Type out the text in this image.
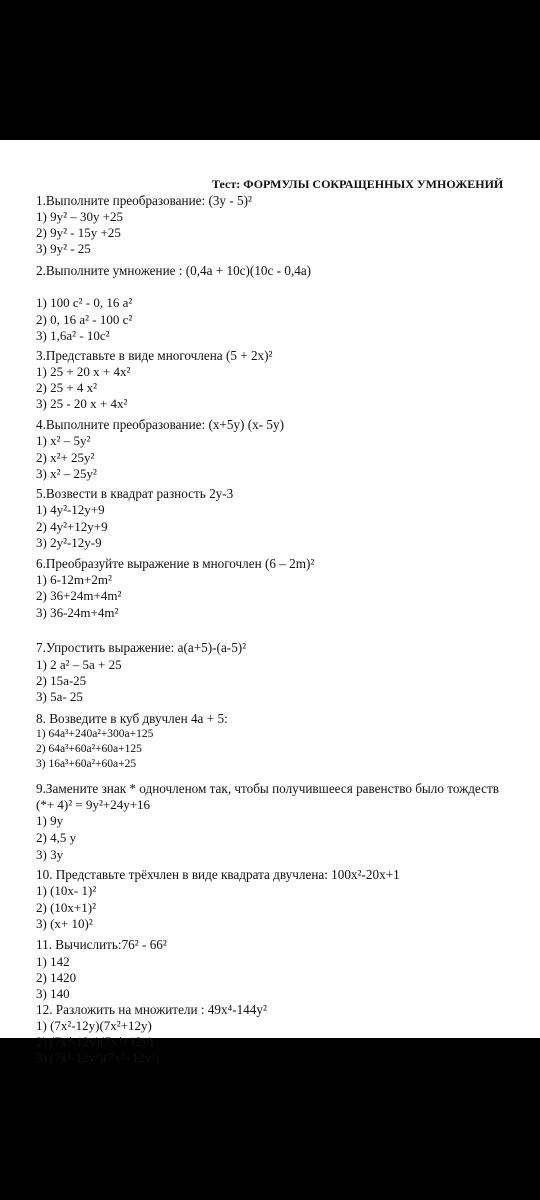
Тест: ФОРМУЛЫ СОКРАЩЕННЫХ УМНОЖЕНИЙ
1.Выполните преобразование: (3y - 5)²
1) 9y² – 30y +25
2) 9y² - 15y +25
3) 9y² - 25
2.Выполните умножение : (0,4a + 10c)(10c - 0,4a)
1) 100 c² - 0, 16 a²
2) 0, 16 a² - 100 c²
3) 1,6a² - 10c²
3.Представьте в виде многочлена (5 + 2x)²
1) 25 + 20 x + 4x²
2) 25 + 4 x²
3) 25 - 20 x + 4x²
4.Выполните преобразование: (x+5y) (x- 5y)
1) x² – 5y²
2) x²+ 25y²
3) x² – 25y²
5.Возвести в квадрат разность 2y-3
1) 4y²-12y+9
2) 4y²+12y+9
3) 2y²-12y-9
6.Преобразуйте выражение в многочлен (6 – 2m)²
1) 6-12m+2m²
2) 36+24m+4m²
3) 36-24m+4m²
7.Упростить выражение: a(a+5)-(a-5)²
1) 2 a² – 5a + 25
2) 15a-25
3) 5a- 25
8. Возведите в куб двучлен 4a + 5:
1) 64a³+240a²+300a+125
2) 64a³+60a²+60a+125
3) 16a³+60a²+60a+25
9.Замените знак * одночленом так, чтобы получившееся равенство было тождеств
(*+ 4)² = 9y²+24y+16
1) 9y
2) 4,5 y
3) 3y
10. Представьте трёхчлен в виде квадрата двучлена: 100x²-20x+1
1) (10x- 1)²
2) (10x+1)²
3) (x+ 10)²
11. Вычислить:76² - 66²
1) 142
2) 1420
3) 140
12. Разложить на множители : 49x⁴-144y²
1) (7x²-12y)(7x²+12y)
2) (7x⁴-12y)(7x⁴+12y)
3) (7x²-12y²)(7x²+12y²)
